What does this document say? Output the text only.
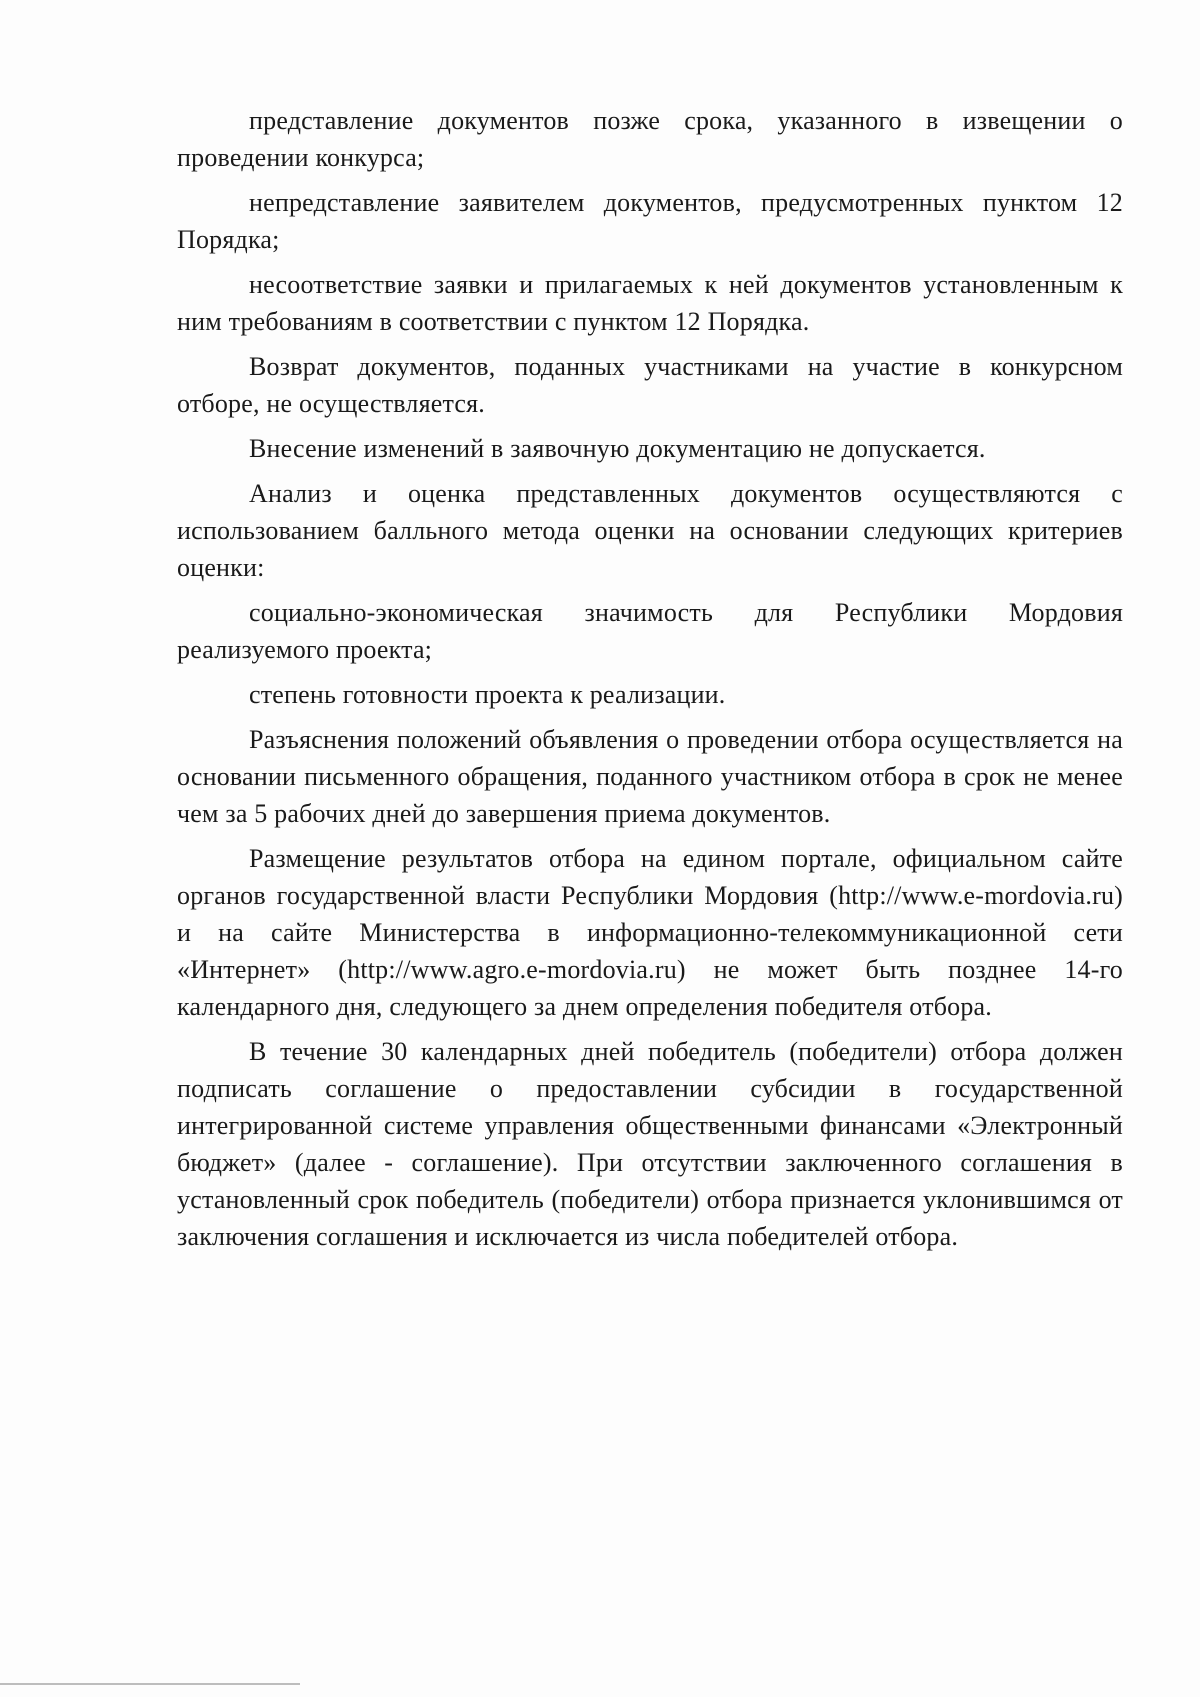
представление документов позже срока, указанного в извещении о проведении конкурса;

непредставление заявителем документов, предусмотренных пунктом 12 Порядка;

несоответствие заявки и прилагаемых к ней документов установленным к ним требованиям в соответствии с пунктом 12 Порядка.

Возврат документов, поданных участниками на участие в конкурсном отборе, не осуществляется.

Внесение изменений в заявочную документацию не допускается.

Анализ и оценка представленных документов осуществляются с использованием балльного метода оценки на основании следующих критериев оценки:

социально-экономическая значимость для Республики Мордовия реализуемого проекта;

степень готовности проекта к реализации.

Разъяснения положений объявления о проведении отбора осуществляется на основании письменного обращения, поданного участником отбора в срок не менее чем за 5 рабочих дней до завершения приема документов.

Размещение результатов отбора на едином портале, официальном сайте органов государственной власти Республики Мордовия (http://www.e-mordovia.ru) и на сайте Министерства в информационно-телекоммуникационной сети «Интернет» (http://www.agro.e-mordovia.ru) не может быть позднее 14-го календарного дня, следующего за днем определения победителя отбора.

В течение 30 календарных дней победитель (победители) отбора должен подписать соглашение о предоставлении субсидии в государственной интегрированной системе управления общественными финансами «Электронный бюджет» (далее - соглашение). При отсутствии заключенного соглашения в установленный срок победитель (победители) отбора признается уклонившимся от заключения соглашения и исключается из числа победителей отбора.
